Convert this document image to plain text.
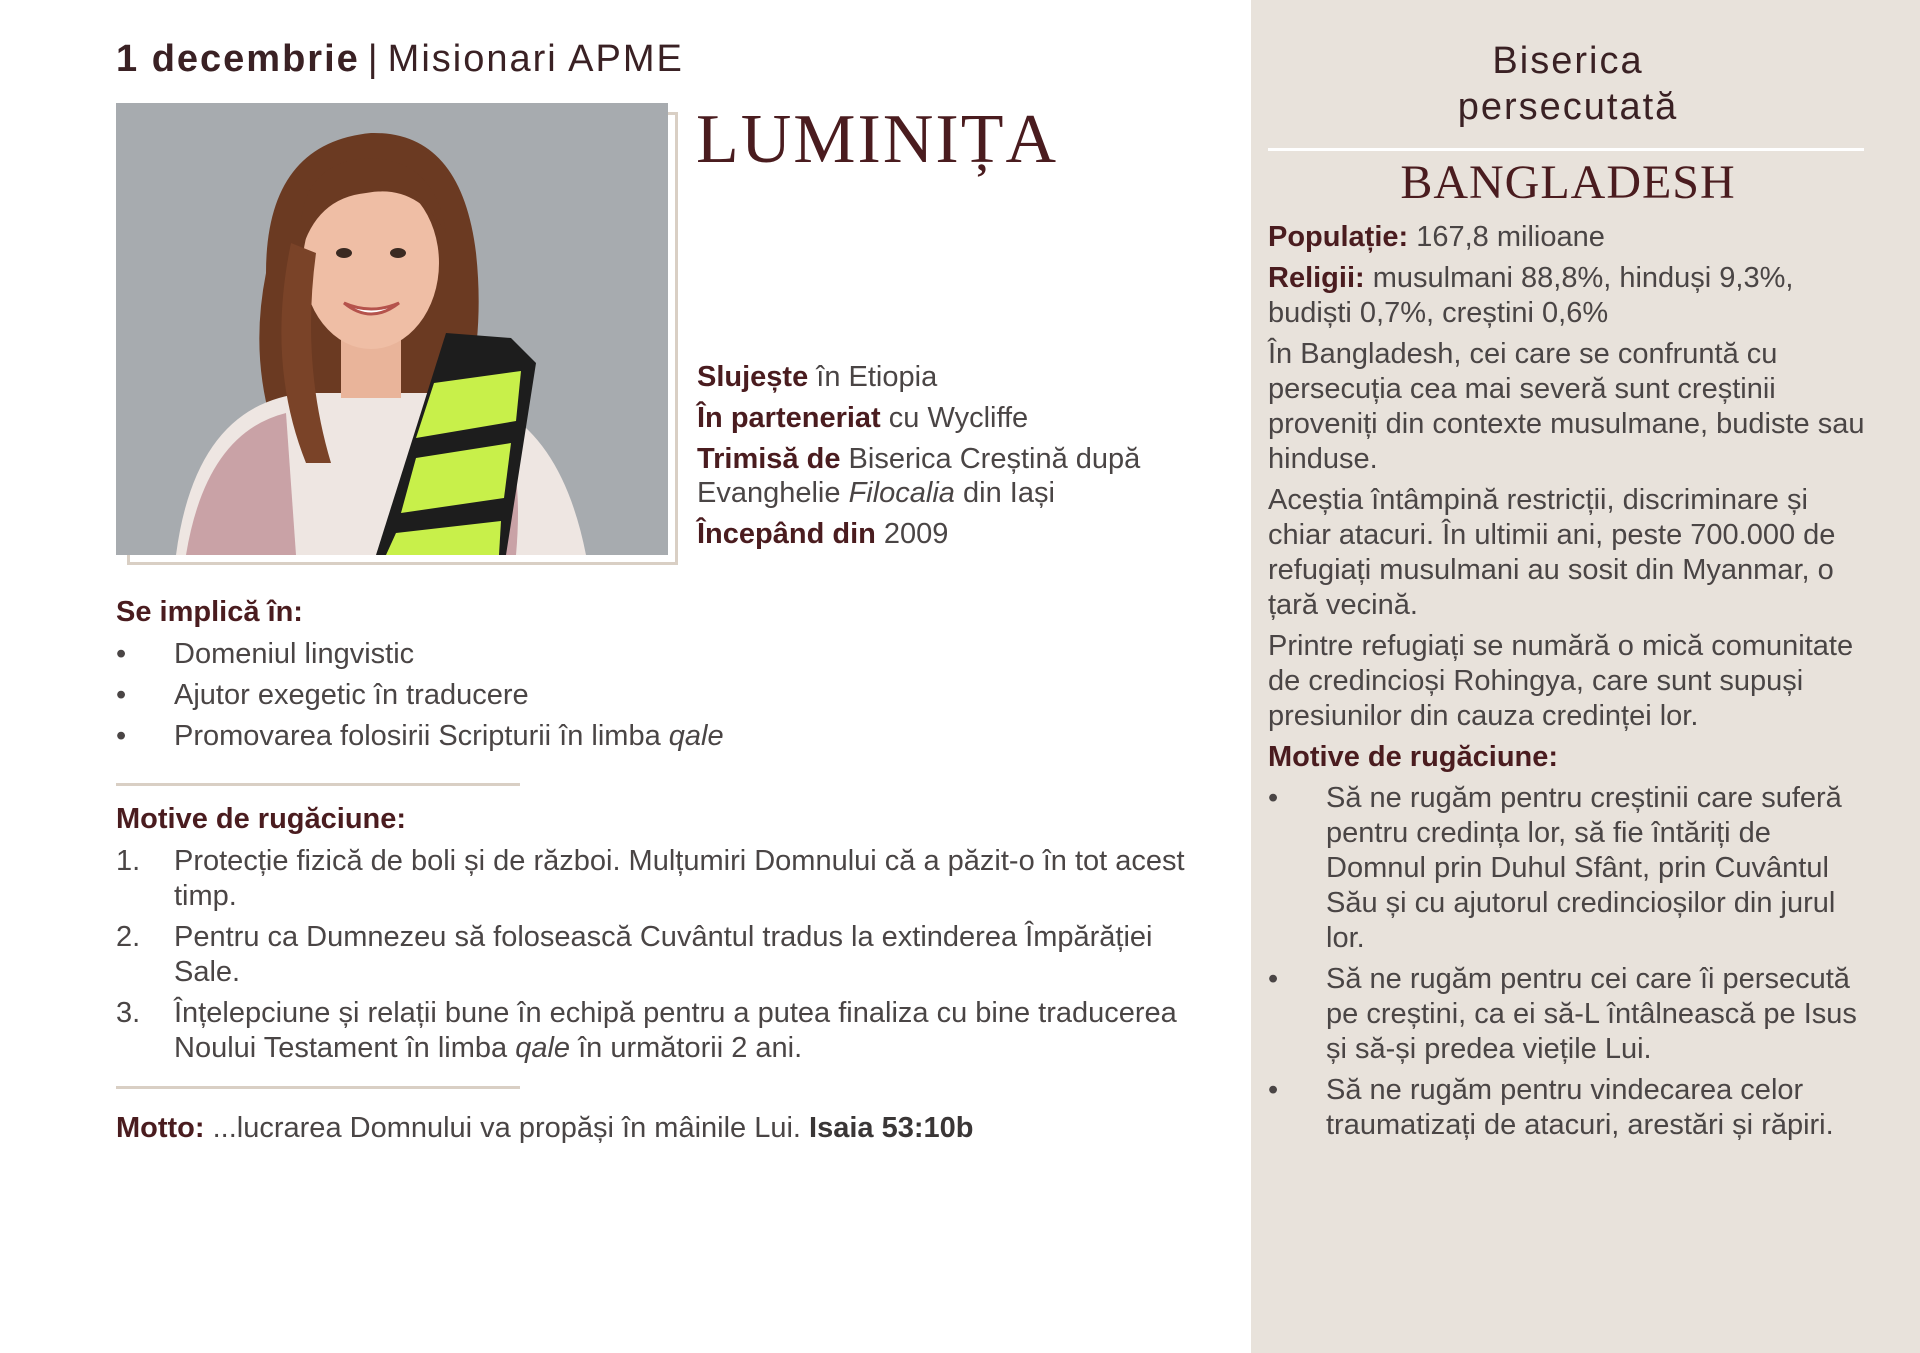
1 decembrie | Misionari APME
LUMINIȚA

Slujește în Etiopia

În parteneriat cu Wycliffe

Trimisă de Biserica Creștină după Evanghelie Filocalia din Iași

Începând din 2009

Se implică în:
• Domeniul lingvistic
• Ajutor exegetic în traducere
• Promovarea folosirii Scripturii în limba qale
Motive de rugăciune:
1. Protecție fizică de boli și de război. Mulțumiri Domnului că a păzit-o în tot acest timp.
2. Pentru ca Dumnezeu să folosească Cuvântul tradus la extinderea Împărăției Sale.
3. Înțelepciune și relații bune în echipă pentru a putea finaliza cu bine traducerea Noului Testament în limba qale în următorii 2 ani.
Motto: ...lucrarea Domnului va propăși în mâinile Lui. Isaia 53:10b
Biserica
persecutată
BANGLADESH

Populație: 167,8 milioane

Religii: musulmani 88,8%, hinduși 9,3%, budiști 0,7%, creștini 0,6%

În Bangladesh, cei care se confruntă cu persecuția cea mai severă sunt creștinii proveniți din contexte musulmane, budiste sau hinduse.

Aceștia întâmpină restricții, discriminare și chiar atacuri. În ultimii ani, peste 700.000 de refugiați musulmani au sosit din Myanmar, o țară vecină.

Printre refugiați se numără o mică comunitate de credincioși Rohingya, care sunt supuși presiunilor din cauza credinței lor.

Motive de rugăciune:

• Să ne rugăm pentru creștinii care suferă pentru credința lor, să fie întăriți de Domnul prin Duhul Sfânt, prin Cuvântul Său și cu ajutorul credincioșilor din jurul lor.
• Să ne rugăm pentru cei care îi persecută pe creștini, ca ei să-L întâlnească pe Isus și să-și predea viețile Lui.
• Să ne rugăm pentru vindecarea celor traumatizați de atacuri, arestări și răpiri.
